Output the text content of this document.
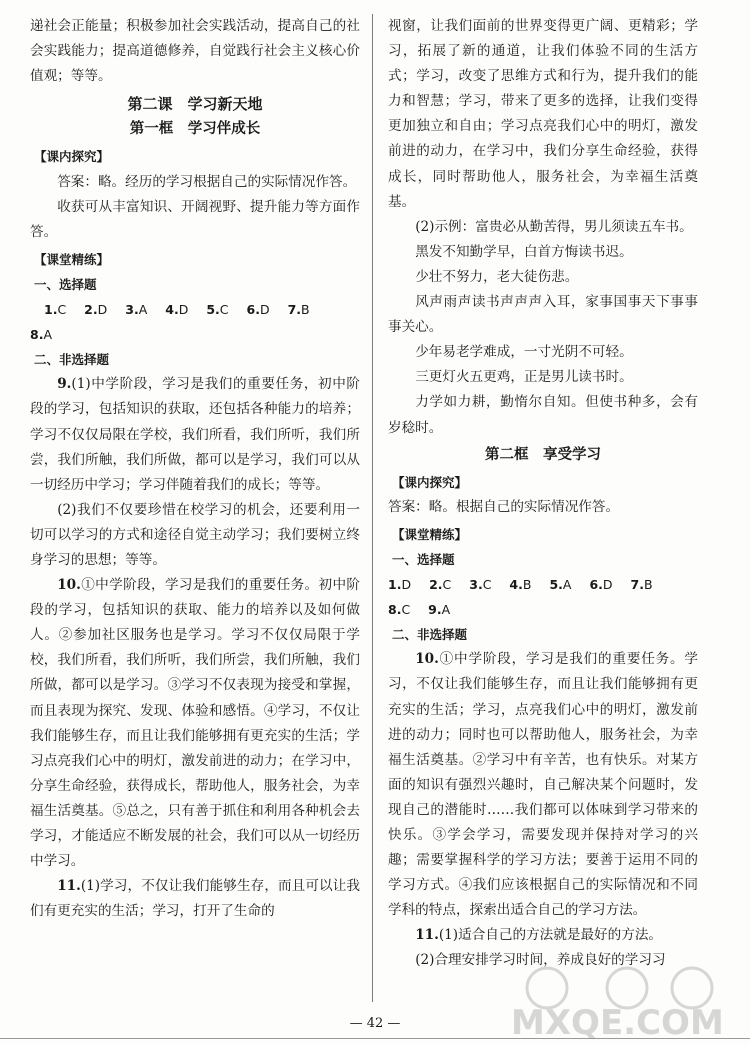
递社会正能量；积极参加社会实践活动，提高自己的社会实践能力；提高道德修养，自觉践行社会主义核心价值观；等等。

第二课　学习新天地

第一框　学习伴成长

【课内探究】

答案：略。经历的学习根据自己的实际情况作答。

收获可从丰富知识、开阔视野、提升能力等方面作答。

【课堂精练】

一、选择题

1.C 2.D 3.A 4.D 5.C 6.D 7.B

8.A

二、非选择题

9.(1)中学阶段，学习是我们的重要任务，初中阶段的学习，包括知识的获取，还包括各种能力的培养；学习不仅仅局限在学校，我们所看，我们所听，我们所尝，我们所触，我们所做，都可以是学习，我们可以从一切经历中学习；学习伴随着我们的成长；等等。

(2)我们不仅要珍惜在校学习的机会，还要利用一切可以学习的方式和途径自觉主动学习；我们要树立终身学习的思想；等等。

10.①中学阶段，学习是我们的重要任务。初中阶段的学习，包括知识的获取、能力的培养以及如何做人。②参加社区服务也是学习。学习不仅仅局限于学校，我们所看，我们所听，我们所尝，我们所触，我们所做，都可以是学习。③学习不仅表现为接受和掌握，而且表现为探究、发现、体验和感悟。④学习，不仅让我们能够生存，而且让我们能够拥有更充实的生活；学习点亮我们心中的明灯，激发前进的动力；在学习中，分享生命经验，获得成长，帮助他人，服务社会，为幸福生活奠基。⑤总之，只有善于抓住和利用各种机会去学习，才能适应不断发展的社会，我们可以从一切经历中学习。

11.(1)学习，不仅让我们能够生存，而且可以让我们有更充实的生活；学习，打开了生命的

视窗，让我们面前的世界变得更广阔、更精彩；学习，拓展了新的通道，让我们体验不同的生活方式；学习，改变了思维方式和行为，提升我们的能力和智慧；学习，带来了更多的选择，让我们变得更加独立和自由；学习点亮我们心中的明灯，激发前进的动力，在学习中，我们分享生命经验，获得成长，同时帮助他人，服务社会，为幸福生活奠基。

(2)示例：富贵必从勤苦得，男儿须读五车书。

黑发不知勤学早，白首方悔读书迟。

少壮不努力，老大徒伤悲。

风声雨声读书声声声入耳，家事国事天下事事事关心。

少年易老学难成，一寸光阴不可轻。

三更灯火五更鸡，正是男儿读书时。

力学如力耕，勤惰尔自知。但使书种多，会有岁稔时。

第二框　享受学习

【课内探究】

答案：略。根据自己的实际情况作答。

【课堂精练】

一、选择题

1.D 2.C 3.C 4.B 5.A 6.D 7.B

8.C 9.A

二、非选择题

10.①中学阶段，学习是我们的重要任务。学习，不仅让我们能够生存，而且让我们能够拥有更充实的生活；学习，点亮我们心中的明灯，激发前进的动力；同时也可以帮助他人，服务社会，为幸福生活奠基。②学习中有辛苦，也有快乐。对某方面的知识有强烈兴趣时，自己解决某个问题时，发现自己的潜能时……我们都可以体味到学习带来的快乐。③学会学习，需要发现并保持对学习的兴趣；需要掌握科学的学习方法；要善于运用不同的学习方式。④我们应该根据自己的实际情况和不同学科的特点，探索出适合自己的学习方法。

11.(1)适合自己的方法就是最好的方法。

(2)合理安排学习时间，养成良好的学习习

— 42 —	MXQE.COM
